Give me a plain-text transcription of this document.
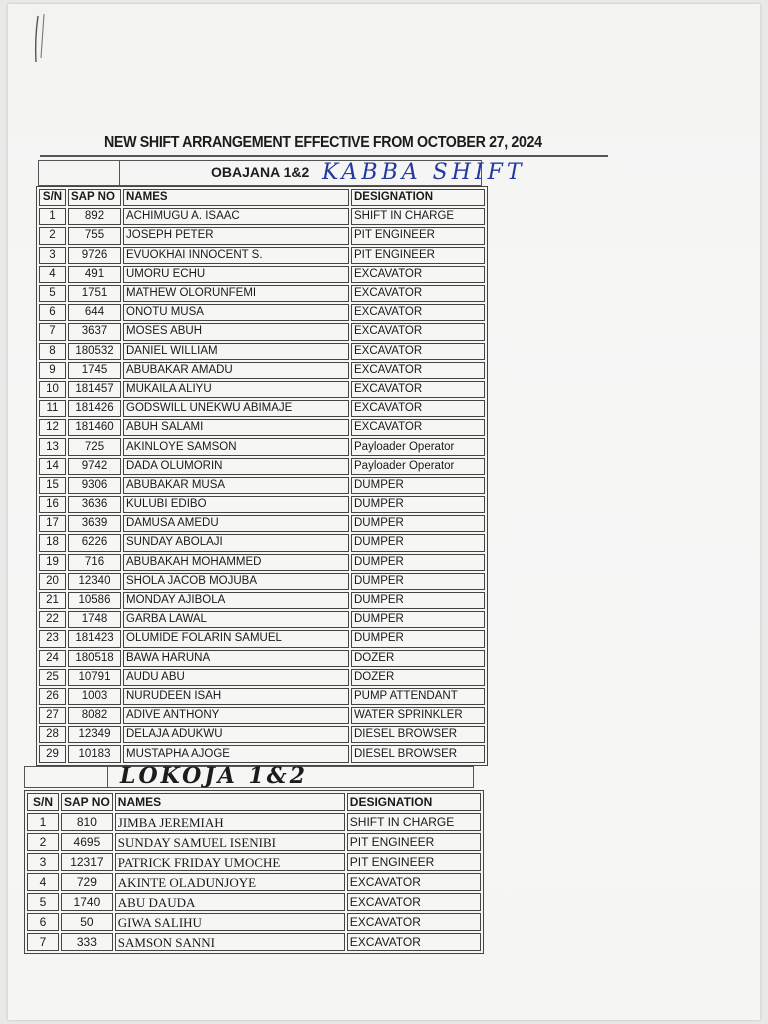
NEW SHIFT ARRANGEMENT EFFECTIVE FROM OCTOBER 27, 2024
OBAJANA 1&2 KABBA SHIFT
S/N	SAP NO	NAMES	DESIGNATION
1	892	ACHIMUGU A. ISAAC	SHIFT IN CHARGE
2	755	JOSEPH PETER	PIT ENGINEER
3	9726	EVUOKHAI INNOCENT S.	PIT ENGINEER
4	491	UMORU ECHU	EXCAVATOR
5	1751	MATHEW OLORUNFEMI	EXCAVATOR
6	644	ONOTU MUSA	EXCAVATOR
7	3637	MOSES ABUH	EXCAVATOR
8	180532	DANIEL WILLIAM	EXCAVATOR
9	1745	ABUBAKAR AMADU	EXCAVATOR
10	181457	MUKAILA ALIYU	EXCAVATOR
11	181426	GODSWILL UNEKWU ABIMAJE	EXCAVATOR
12	181460	ABUH SALAMI	EXCAVATOR
13	725	AKINLOYE SAMSON	Payloader Operator
14	9742	DADA OLUMORIN	Payloader Operator
15	9306	ABUBAKAR MUSA	DUMPER
16	3636	KULUBI EDIBO	DUMPER
17	3639	DAMUSA AMEDU	DUMPER
18	6226	SUNDAY ABOLAJI	DUMPER
19	716	ABUBAKAH MOHAMMED	DUMPER
20	12340	SHOLA JACOB MOJUBA	DUMPER
21	10586	MONDAY AJIBOLA	DUMPER
22	1748	GARBA LAWAL	DUMPER
23	181423	OLUMIDE FOLARIN SAMUEL	DUMPER
24	180518	BAWA HARUNA	DOZER
25	10791	AUDU ABU	DOZER
26	1003	NURUDEEN ISAH	PUMP ATTENDANT
27	8082	ADIVE ANTHONY	WATER SPRINKLER
28	12349	DELAJA ADUKWU	DIESEL BROWSER
29	10183	MUSTAPHA AJOGE	DIESEL BROWSER
LOKOJA 1&2
S/N	SAP NO	NAMES	DESIGNATION
1	810	JIMBA JEREMIAH	SHIFT IN CHARGE
2	4695	SUNDAY SAMUEL ISENIBI	PIT ENGINEER
3	12317	PATRICK FRIDAY UMOCHE	PIT ENGINEER
4	729	AKINTE OLADUNJOYE	EXCAVATOR
5	1740	ABU DAUDA	EXCAVATOR
6	50	GIWA SALIHU	EXCAVATOR
7	333	SAMSON SANNI	EXCAVATOR
